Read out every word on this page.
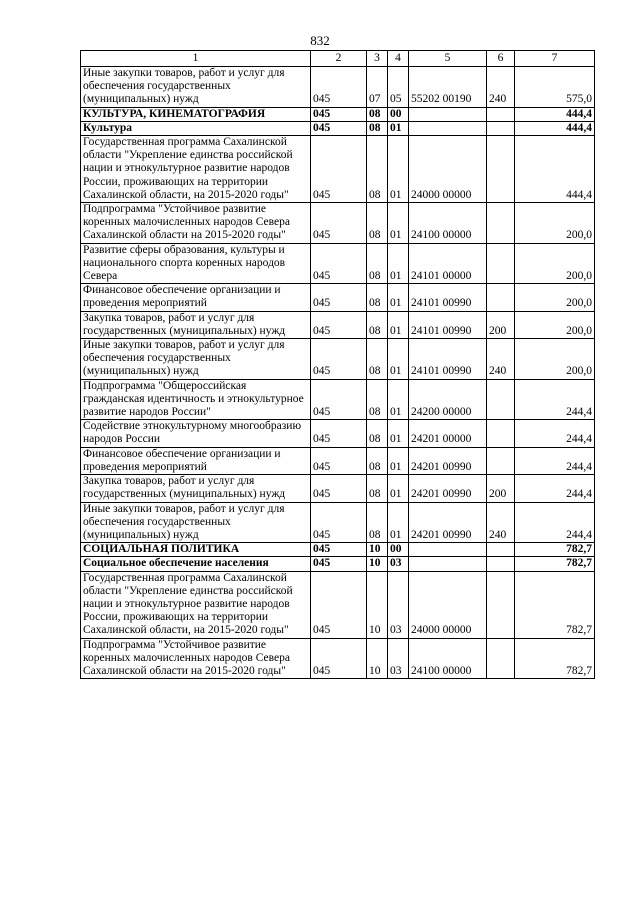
832
1	2	3	4	5	6	7
Иные закупки товаров, работ и услуг для обеспечения государственных (муниципальных) нужд	045	07	05	55202 00190	240	575,0
КУЛЬТУРА, КИНЕМАТОГРАФИЯ	045	08	00			444,4
Культура	045	08	01			444,4
Государственная программа Сахалинской области "Укрепление единства российской нации и этнокультурное развитие народов России, проживающих на территории Сахалинской области, на 2015-2020 годы"	045	08	01	24000 00000		444,4
Подпрограмма "Устойчивое развитие коренных малочисленных народов Севера Сахалинской области на 2015-2020 годы"	045	08	01	24100 00000		200,0
Развитие сферы образования, культуры и национального спорта коренных народов Севера	045	08	01	24101 00000		200,0
Финансовое обеспечение организации и проведения мероприятий	045	08	01	24101 00990		200,0
Закупка товаров, работ и услуг для государственных (муниципальных) нужд	045	08	01	24101 00990	200	200,0
Иные закупки товаров, работ и услуг для обеспечения государственных (муниципальных) нужд	045	08	01	24101 00990	240	200,0
Подпрограмма "Общероссийская гражданская идентичность и этнокультурное развитие народов России"	045	08	01	24200 00000		244,4
Содействие этнокультурному многообразию народов России	045	08	01	24201 00000		244,4
Финансовое обеспечение организации и проведения мероприятий	045	08	01	24201 00990		244,4
Закупка товаров, работ и услуг для государственных (муниципальных) нужд	045	08	01	24201 00990	200	244,4
Иные закупки товаров, работ и услуг для обеспечения государственных (муниципальных) нужд	045	08	01	24201 00990	240	244,4
СОЦИАЛЬНАЯ ПОЛИТИКА	045	10	00			782,7
Социальное обеспечение населения	045	10	03			782,7
Государственная программа Сахалинской области "Укрепление единства российской нации и этнокультурное развитие народов России, проживающих на территории Сахалинской области, на 2015-2020 годы"	045	10	03	24000 00000		782,7
Подпрограмма "Устойчивое развитие коренных малочисленных народов Севера Сахалинской области на 2015-2020 годы"	045	10	03	24100 00000		782,7
